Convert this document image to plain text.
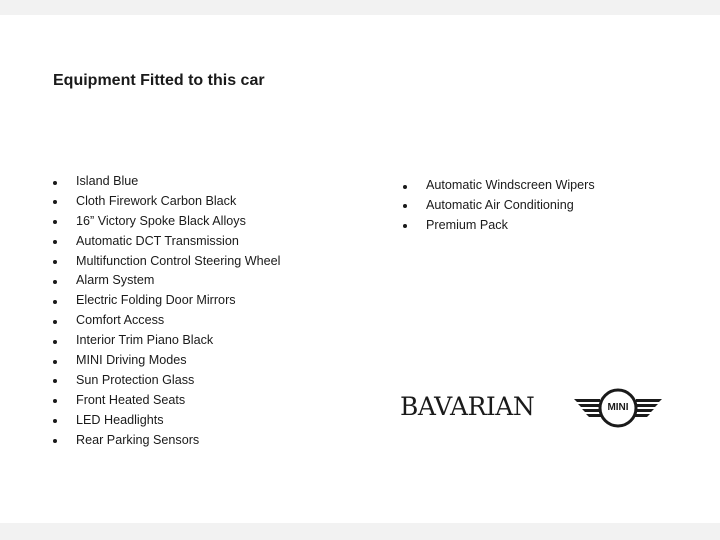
Equipment Fitted to this car
Island Blue
Cloth Firework Carbon Black
16” Victory Spoke Black Alloys
Automatic DCT Transmission
Multifunction Control Steering Wheel
Alarm System
Electric Folding Door Mirrors
Comfort Access
Interior Trim Piano Black
MINI Driving Modes
Sun Protection Glass
Front Heated Seats
LED Headlights
Rear Parking Sensors
Automatic Windscreen Wipers
Automatic Air Conditioning
Premium Pack
BAVARIAN	MINI
